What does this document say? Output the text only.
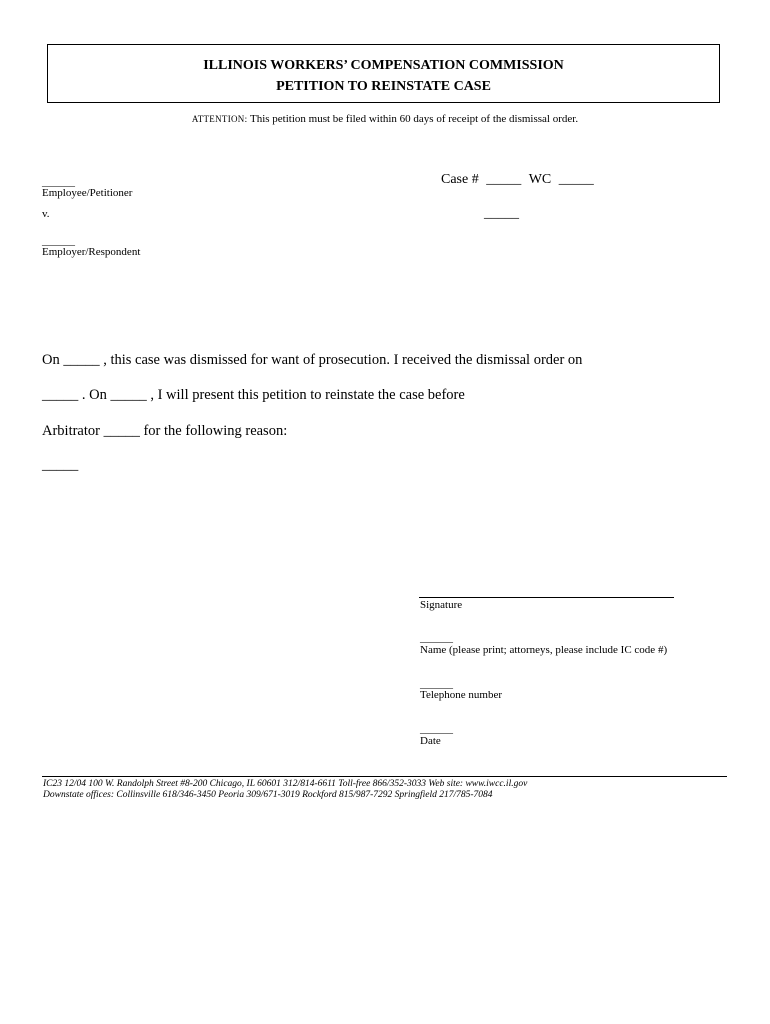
ILLINOIS WORKERS’ COMPENSATION COMMISSION
PETITION TO REINSTATE CASE
ATTENTION: This petition must be filed within 60 days of receipt of the dismissal order.
______
Employee/Petitioner
v.
______
Employer/Respondent
Case # _____ WC _____
_____
On _____ , this case was dismissed for want of prosecution. I received the dismissal order on
_____ . On _____ , I will present this petition to reinstate the case before
Arbitrator _____ for the following reason:
_____
Signature
______
Name (please print; attorneys, please include IC code #)
______
Telephone number
______
Date
IC23 12/04 100 W. Randolph Street #8-200 Chicago, IL 60601 312/814-6611 Toll-free 866/352-3033 Web site: www.iwcc.il.gov
Downstate offices: Collinsville 618/346-3450 Peoria 309/671-3019 Rockford 815/987-7292 Springfield 217/785-7084
